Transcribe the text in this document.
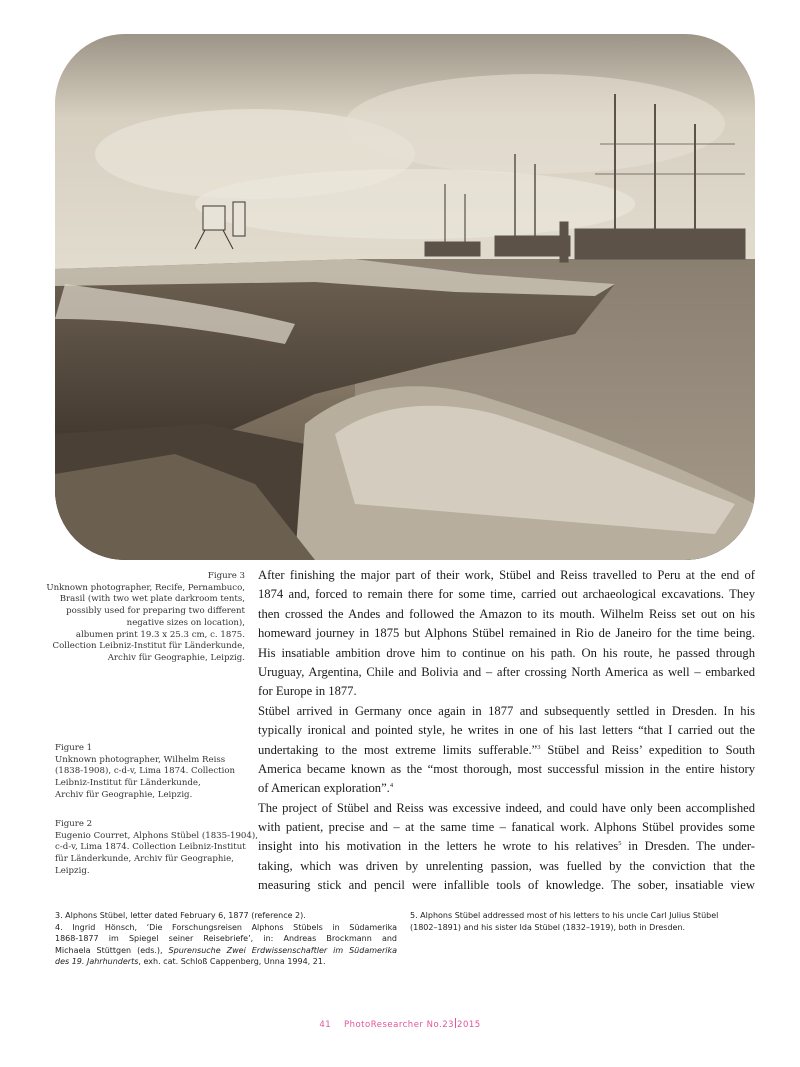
Figure 3
Unknown photographer, Recife, Pernambuco,
Brasil (with two wet plate darkroom tents,
possibly used for preparing two different
negative sizes on location),
albumen print 19.3 x 25.3 cm, c. 1875.
Collection Leibniz-Institut für Länderkunde,
Archiv für Geographie, Leipzig.
Figure 1
Unknown photographer, Wilhelm Reiss
(1838-1908), c-d-v, Lima 1874. Collection
Leibniz-Institut für Länderkunde,
Archiv für Geographie, Leipzig.
Figure 2
Eugenio Courret, Alphons Stübel (1835-1904),
c-d-v, Lima 1874. Collection Leibniz-Institut
für Länderkunde, Archiv für Geographie,
Leipzig.
After finishing the major part of their work, Stübel and Reiss travelled to Peru at the end of
1874 and, forced to remain there for some time, carried out archaeological excavations. They
then crossed the Andes and followed the Amazon to its mouth. Wilhelm Reiss set out on his
homeward journey in 1875 but Alphons Stübel remained in Rio de Janeiro for the time being.
His insatiable ambition drove him to continue on his path. On his route, he passed through
Uruguay, Argentina, Chile and Bolivia and – after crossing North America as well – embarked
for Europe in 1877.
Stübel arrived in Germany once again in 1877 and subsequently settled in Dresden. In his
typically ironical and pointed style, he writes in one of his last letters “that I carried out the
undertaking to the most extreme limits sufferable.”$^3$ Stübel and Reiss’ expedition to South
America became known as the “most thorough, most successful mission in the entire history
of American exploration”.$^4$
The project of Stübel and Reiss was excessive indeed, and could have only been accomplished
with patient, precise and – at the same time – fanatical work. Alphons Stübel provides some
insight into his motivation in the letters he wrote to his relatives$^5$ in Dresden. The under-
taking, which was driven by unrelenting passion, was fuelled by the conviction that the
measuring stick and pencil were infallible tools of knowledge. The sober, insatiable view
3. Alphons Stübel, letter dated February 6, 1877 (reference 2).
4. Ingrid Hönsch, ‘Die Forschungsreisen Alphons Stübels in Südamerika
1868-1877 im Spiegel seiner Reisebriefe’, in: Andreas Brockmann and
Michaela Stüttgen (eds.), Spurensuche Zwei Erdwissenschaftler im Südamerika
des 19. Jahrhunderts, exh. cat. Schloß Cappenberg, Unna 1994, 21.
5. Alphons Stübel addressed most of his letters to his uncle Carl Julius Stübel
(1802–1891) and his sister Ida Stübel (1832–1919), both in Dresden.
41 PhotoResearcher No.23 2015
